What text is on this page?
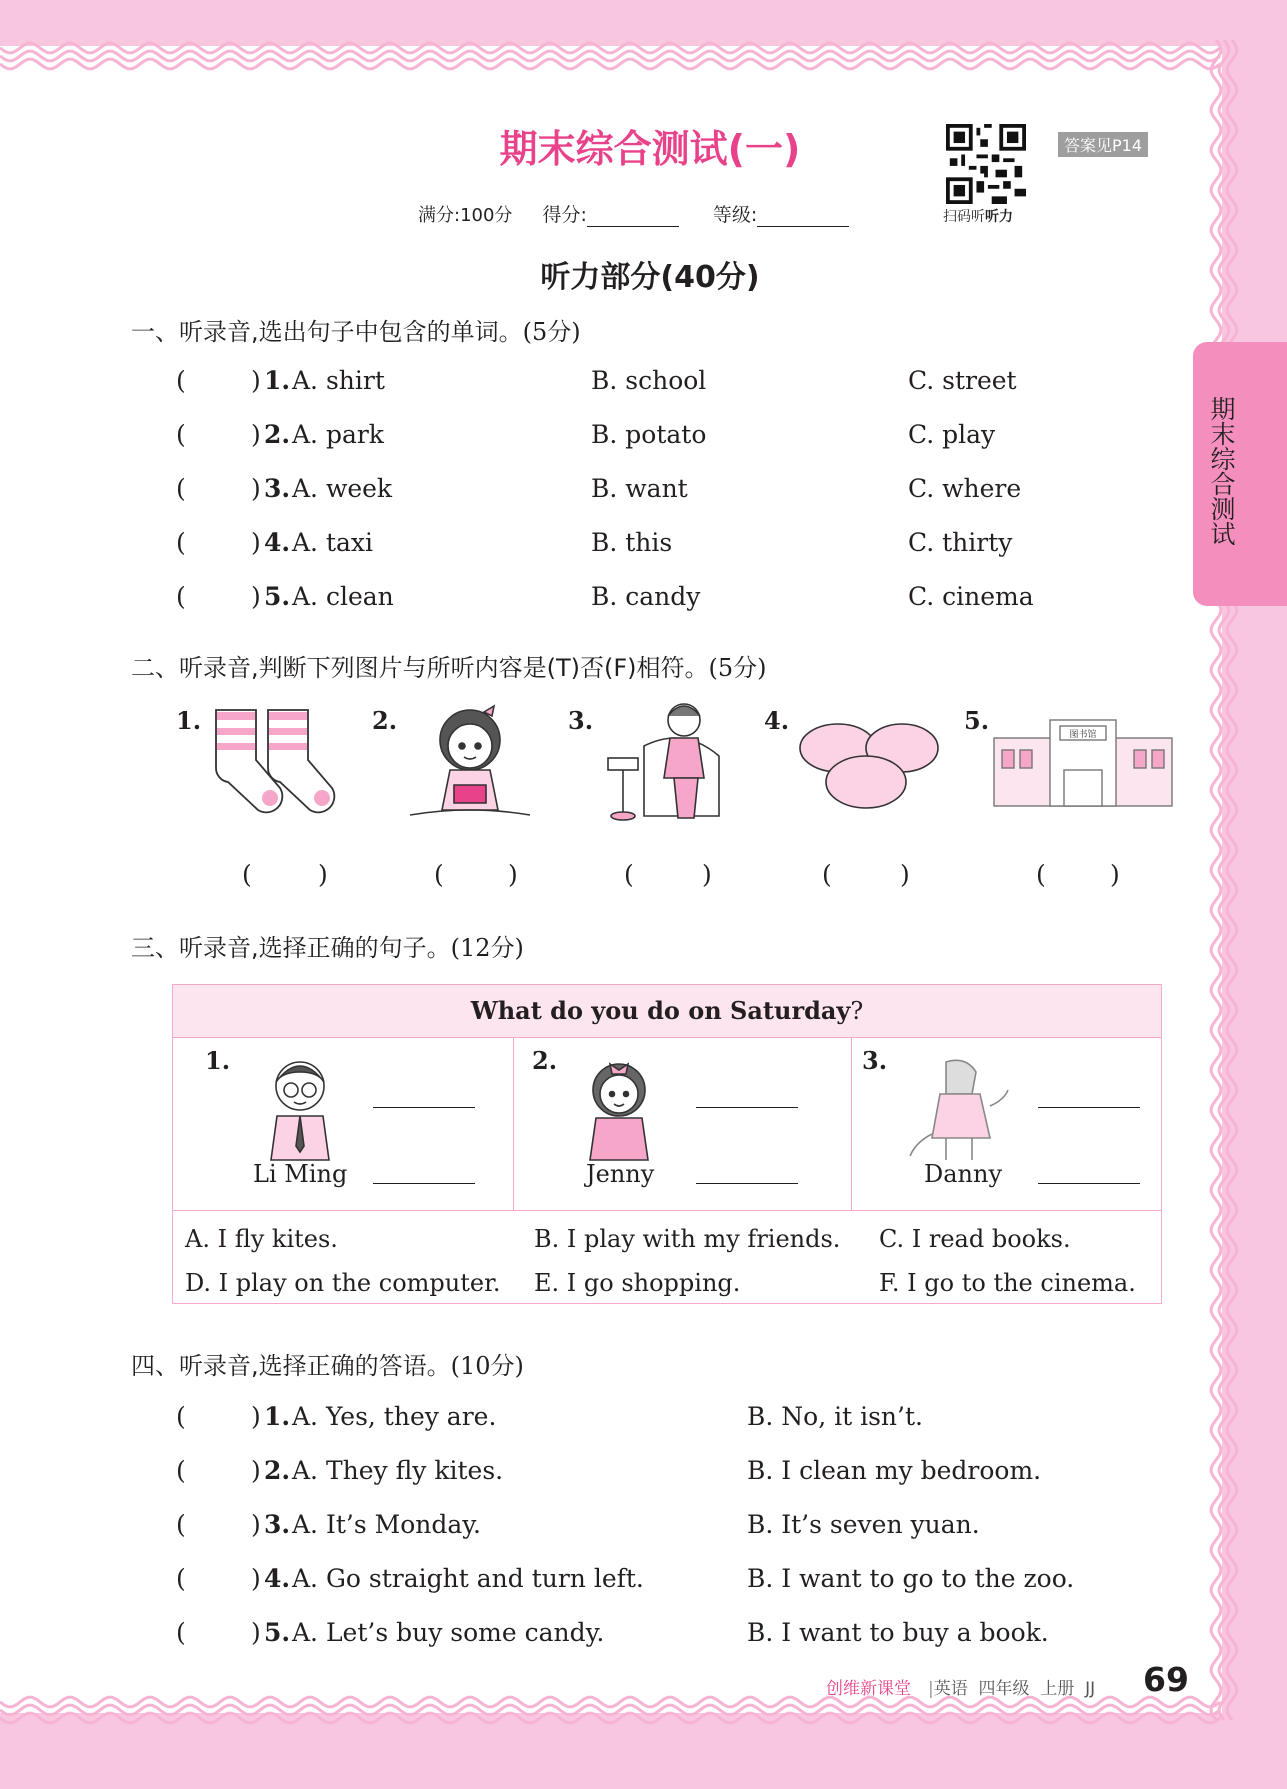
期末综合测试(一)
扫码听听力
答案见P14
满分:100分 得分:	等级:
听力部分(40分)
期末综合测试
一、听录音,选出句子中包含的单词。(5分)
(	) 1. A. shirt	B. school	C. street
(	) 2. A. park	B. potato	C. play
(	) 3. A. week	B. want	C. where
(	) 4. A. taxi	B. this	C. thirty
(	) 5. A. clean	B. candy	C. cinema
二、听录音,判断下列图片与所听内容是(T)否(F)相符。(5分)
1.	2.	3.	4.	5.	图书馆
(	)	(	)	(	)	(	)	(	)
三、听录音,选择正确的句子。(12分)
What do you do on Saturday?

1.
Li Ming

2.
Jenny

3.
Danny

A. I fly kites.	B. I play with my friends. C. I read books.
D. I play on the computer. E. I go shopping.	F. I go to the cinema.
四、听录音,选择正确的答语。(10分)
(	) 1. A. Yes, they are.	B. No, it isn’t.
(	) 2. A. They fly kites.	B. I clean my bedroom.
(	) 3. A. It’s Monday.	B. It’s seven yuan.
(	) 4. A. Go straight and turn left.	B. I want to go to the zoo.
(	) 5. A. Let’s buy some candy.	B. I want to buy a book.
创维新课堂 |英语 四年级 上册 JJ 69
